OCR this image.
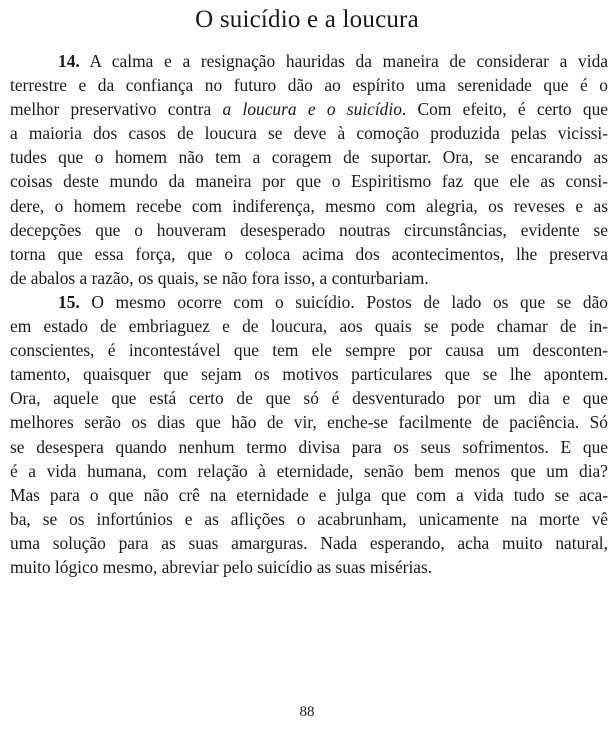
O suicídio e a loucura
14. A calma e a resignação hauridas da maneira de considerar a vida
terrestre e da confiança no futuro dão ao espírito uma serenidade que é o
melhor preservativo contra a loucura e o suicídio. Com efeito, é certo que
a maioria dos casos de loucura se deve à comoção produzida pelas vicissi-
tudes que o homem não tem a coragem de suportar. Ora, se encarando as
coisas deste mundo da maneira por que o Espiritismo faz que ele as consi-
dere, o homem recebe com indiferença, mesmo com alegria, os reveses e as
decepções que o houveram desesperado noutras circunstâncias, evidente se
torna que essa força, que o coloca acima dos acontecimentos, lhe preserva
de abalos a razão, os quais, se não fora isso, a conturbariam.
15. O mesmo ocorre com o suicídio. Postos de lado os que se dão
em estado de embriaguez e de loucura, aos quais se pode chamar de in-
conscientes, é incontestável que tem ele sempre por causa um desconten-
tamento, quaisquer que sejam os motivos particulares que se lhe apontem.
Ora, aquele que está certo de que só é desventurado por um dia e que
melhores serão os dias que hão de vir, enche-se facilmente de paciência. Só
se desespera quando nenhum termo divisa para os seus sofrimentos. E que
é a vida humana, com relação à eternidade, senão bem menos que um dia?
Mas para o que não crê na eternidade e julga que com a vida tudo se aca-
ba, se os infortúnios e as aflições o acabrunham, unicamente na morte vê
uma solução para as suas amarguras. Nada esperando, acha muito natural,
muito lógico mesmo, abreviar pelo suicídio as suas misérias.
88
